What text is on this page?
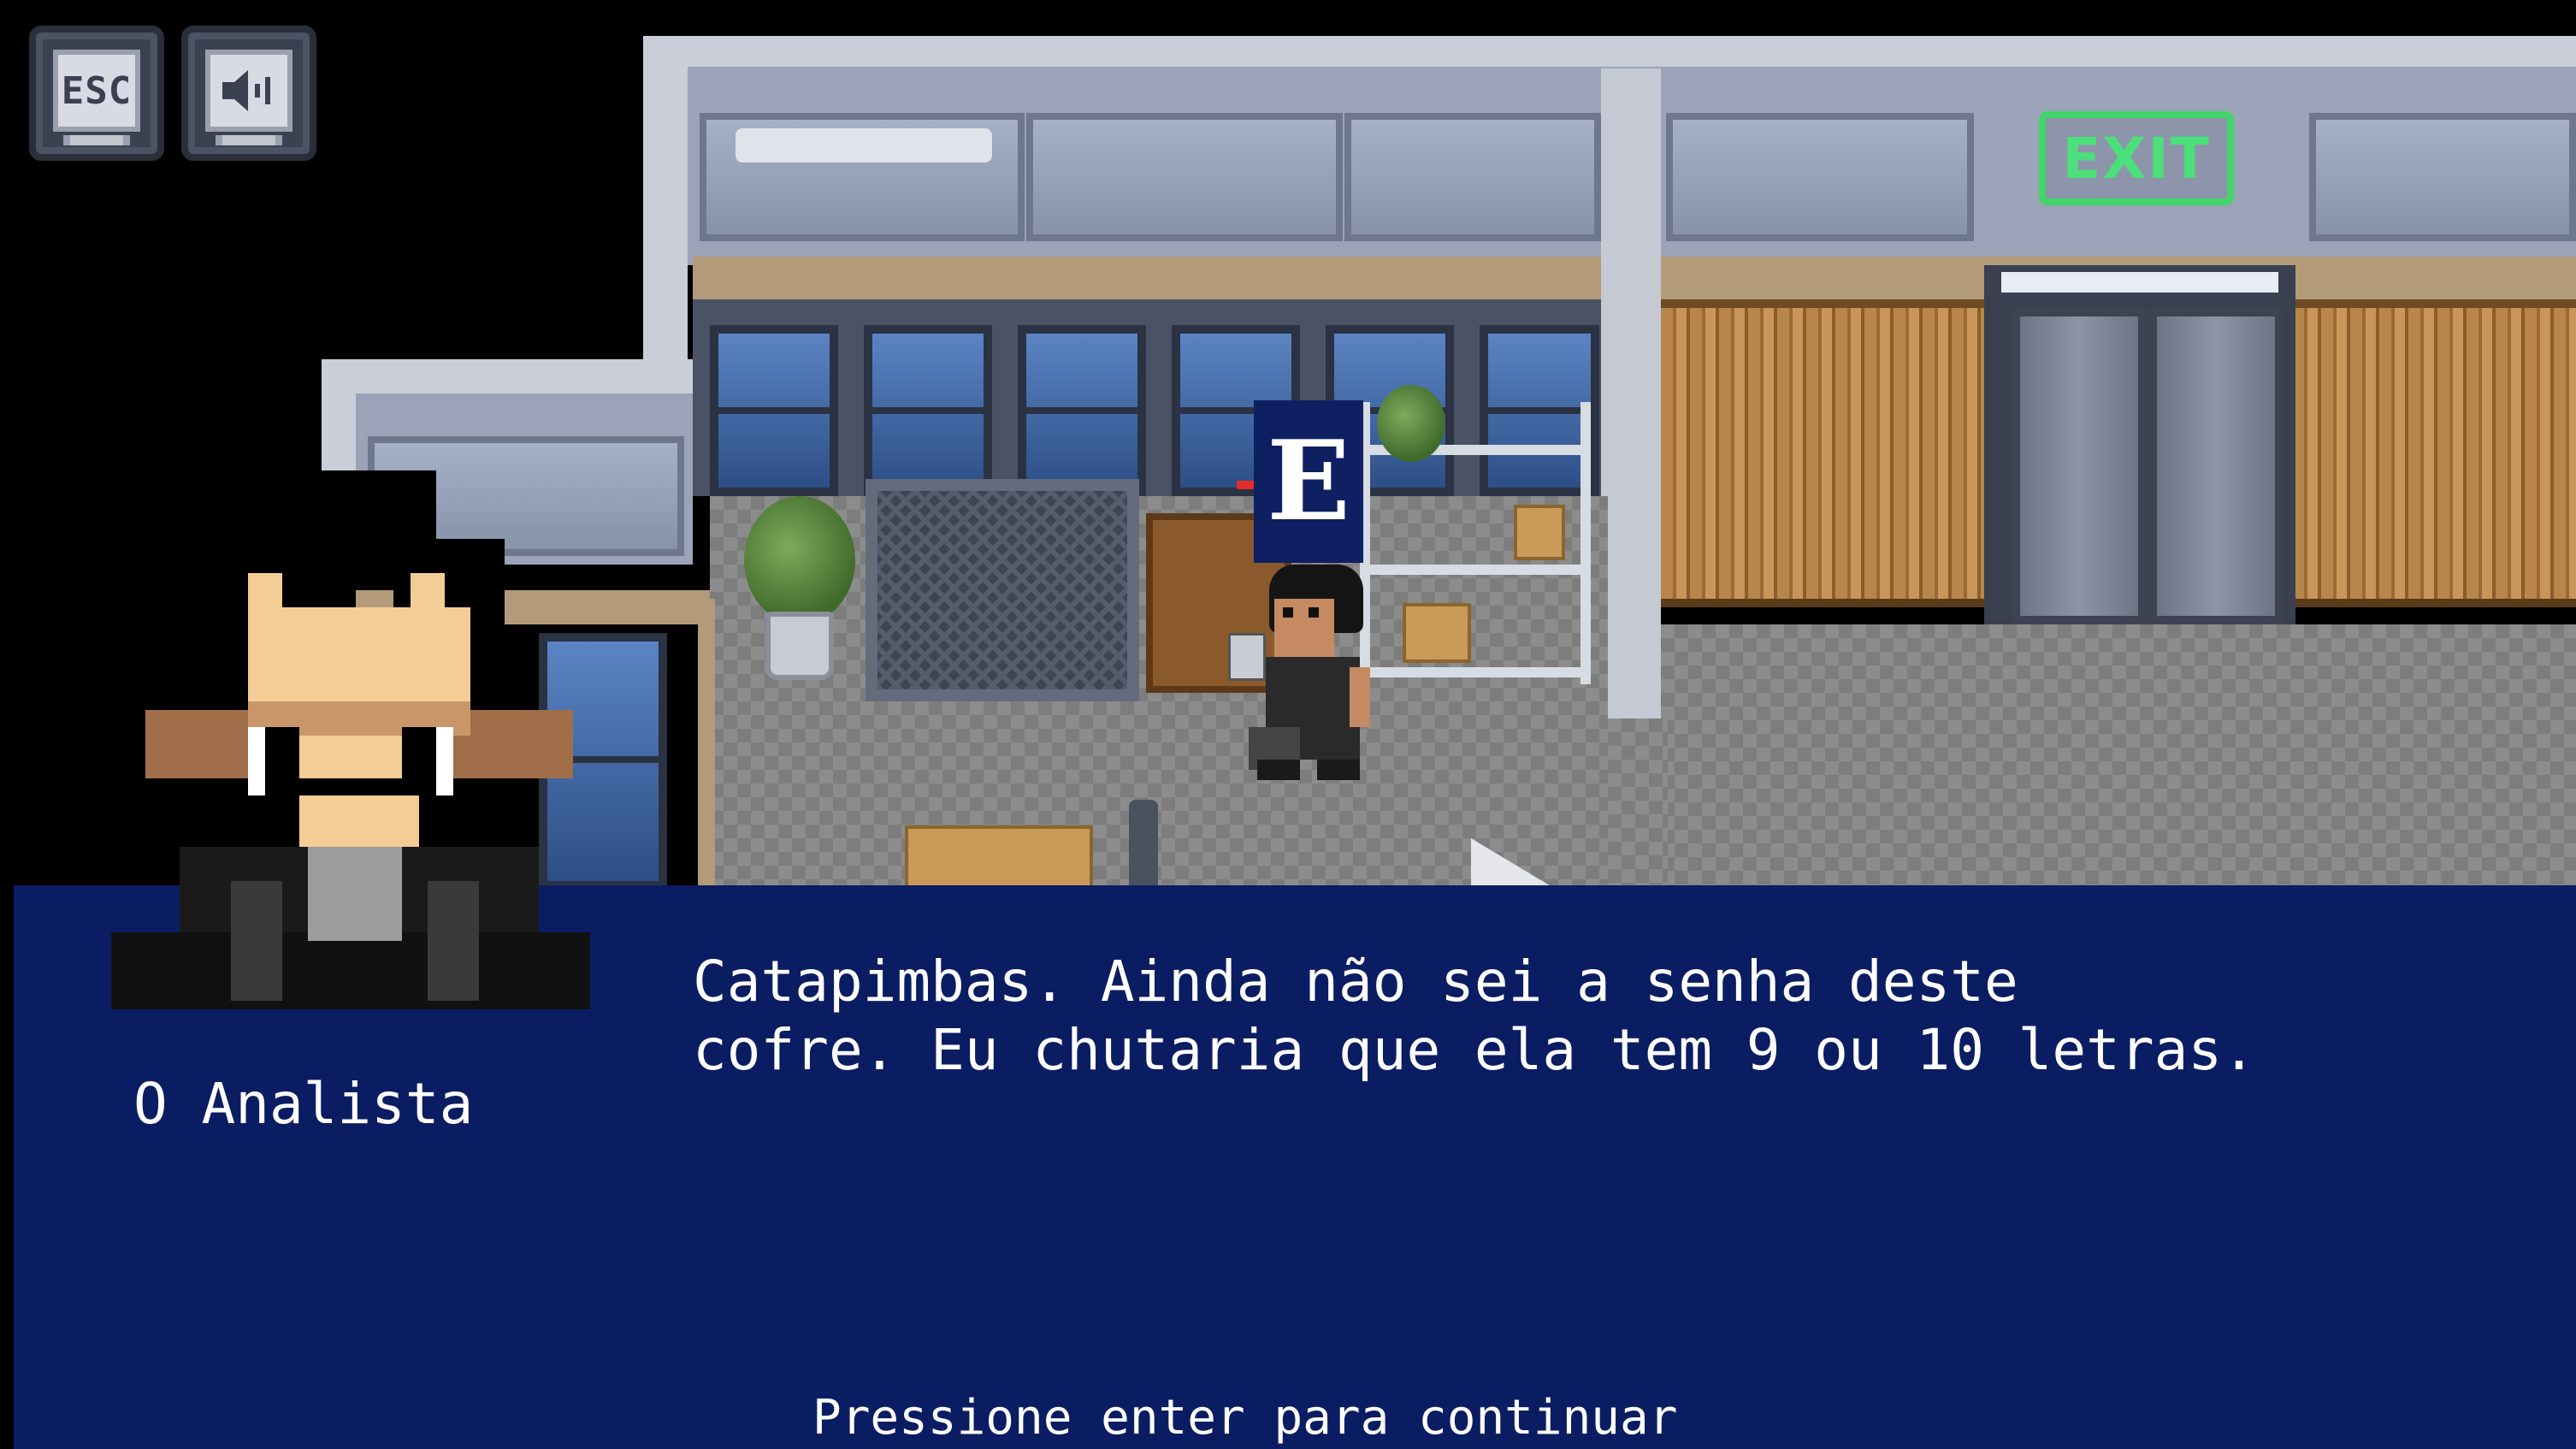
EXIT
E
ESC
O Analista
Catapimbas. Ainda não sei a senha deste
cofre. Eu chutaria que ela tem 9 ou 10 letras.
Pressione enter para continuar
